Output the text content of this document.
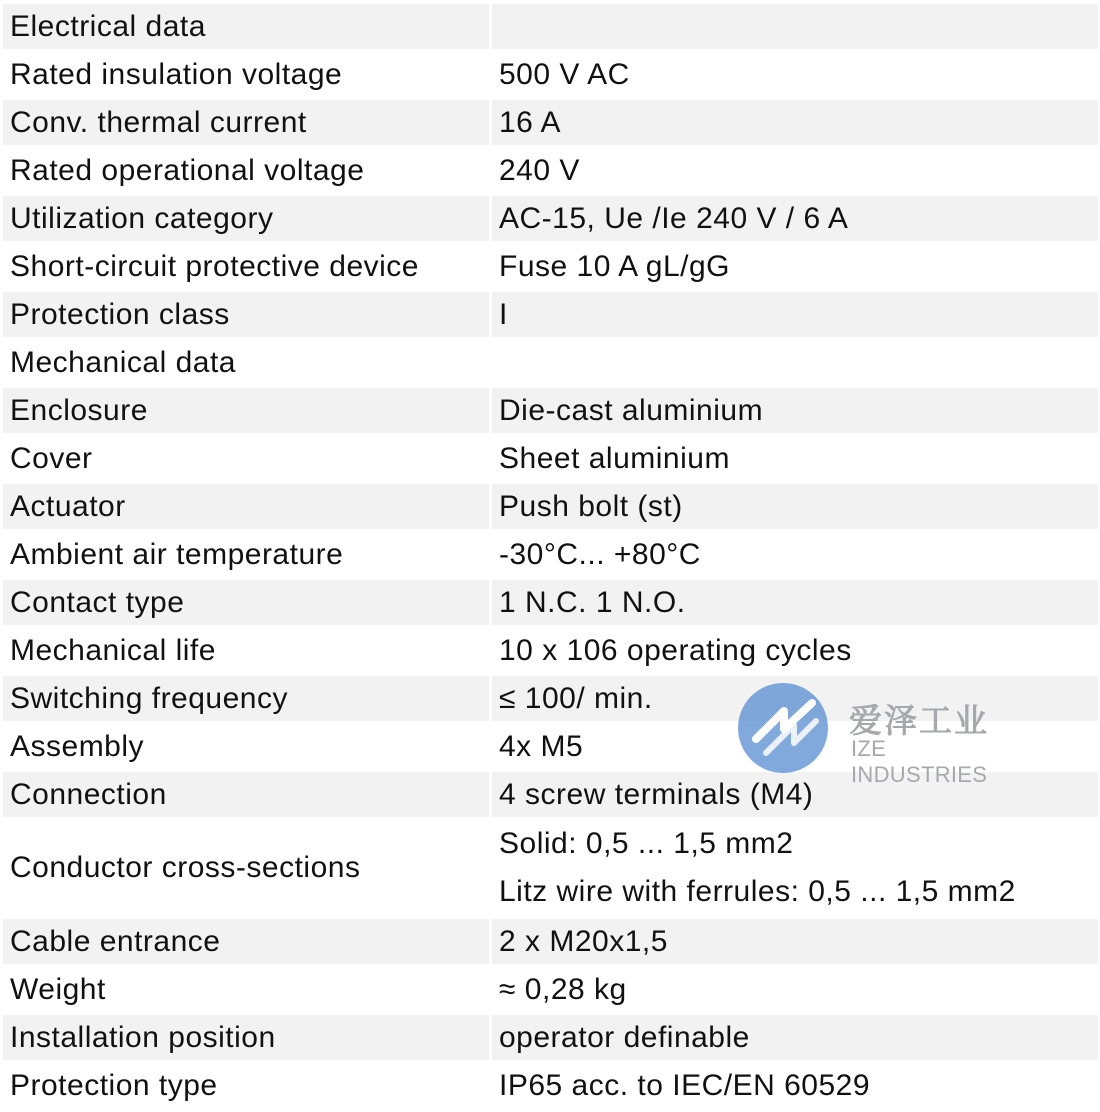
Electrical data	
Rated insulation voltage	500 V AC
Conv. thermal current	16 A
Rated operational voltage	240 V
Utilization category	AC-15, Ue /Ie 240 V / 6 A
Short-circuit protective device	Fuse 10 A gL/gG
Protection class	I
Mechanical data	
Enclosure	Die-cast aluminium
Cover	Sheet aluminium
Actuator	Push bolt (st)
Ambient air temperature	-30°C... +80°C
Contact type	1 N.C. 1 N.O.
Mechanical life	10 x 106 operating cycles
Switching frequency	≤ 100/ min.
Assembly	4x M5
Connection	4 screw terminals (M4)
Conductor cross-sections	Solid: 0,5 ... 1,5 mm2
Litz wire with ferrules: 0,5 ... 1,5 mm2

Cable entrance	2 x M20x1,5
Weight	≈ 0,28 kg
Installation position	operator definable
Protection type	IP65 acc. to IEC/EN 60529
爱泽工业
IZE INDUSTRIES
